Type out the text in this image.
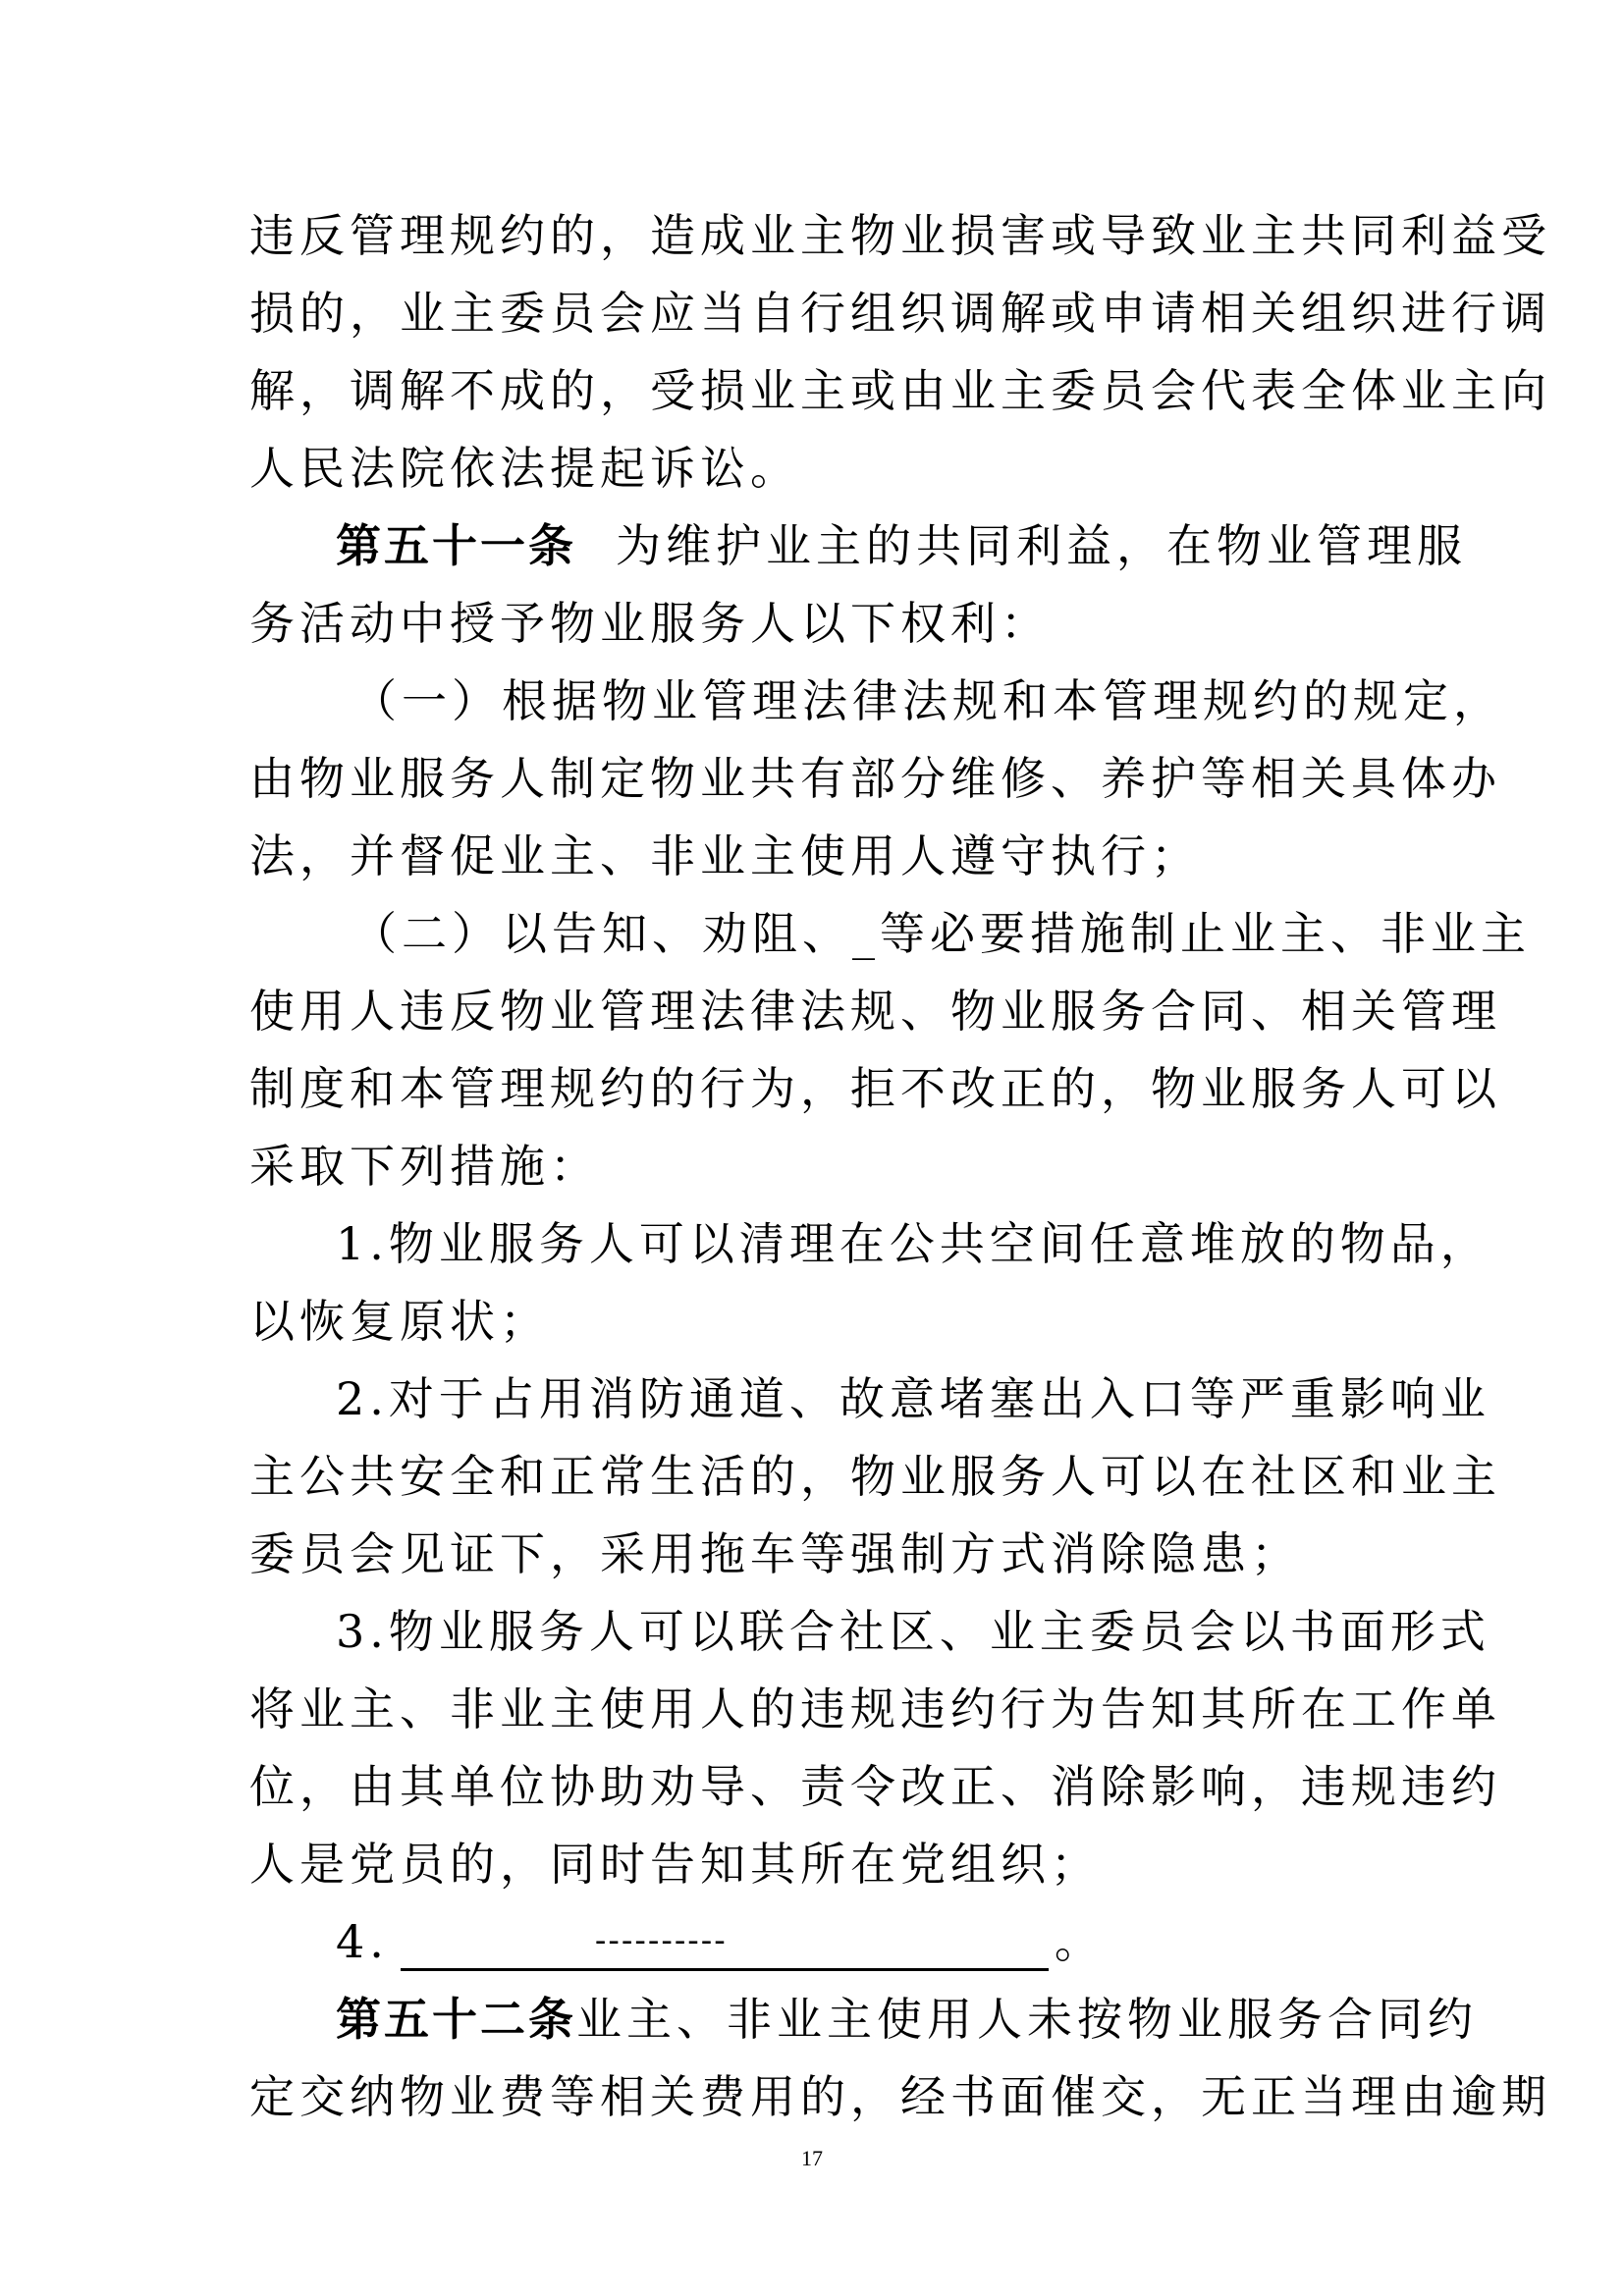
违反管理规约的，造成业主物业损害或导致业主共同利益受
损的，业主委员会应当自行组织调解或申请相关组织进行调
解，调解不成的，受损业主或由业主委员会代表全体业主向
人民法院依法提起诉讼。
第五十一条 为维护业主的共同利益，在物业管理服
务活动中授予物业服务人以下权利：
（一）根据物业管理法律法规和本管理规约的规定，
由物业服务人制定物业共有部分维修、养护等相关具体办
法，并督促业主、非业主使用人遵守执行；
（二）以告知、劝阻、_等必要措施制止业主、非业主
使用人违反物业管理法律法规、物业服务合同、相关管理
制度和本管理规约的行为，拒不改正的，物业服务人可以
采取下列措施：
1.物业服务人可以清理在公共空间任意堆放的物品，
以恢复原状；
2.对于占用消防通道、故意堵塞出入口等严重影响业
主公共安全和正常生活的，物业服务人可以在社区和业主
委员会见证下，采用拖车等强制方式消除隐患；
3.物业服务人可以联合社区、业主委员会以书面形式
将业主、非业主使用人的违规违约行为告知其所在工作单
位，由其单位协助劝导、责令改正、消除影响，违规违约
人是党员的，同时告知其所在党组织；
4.	----------	。
第五十二条业主、非业主使用人未按物业服务合同约
定交纳物业费等相关费用的，经书面催交，无正当理由逾期
17
